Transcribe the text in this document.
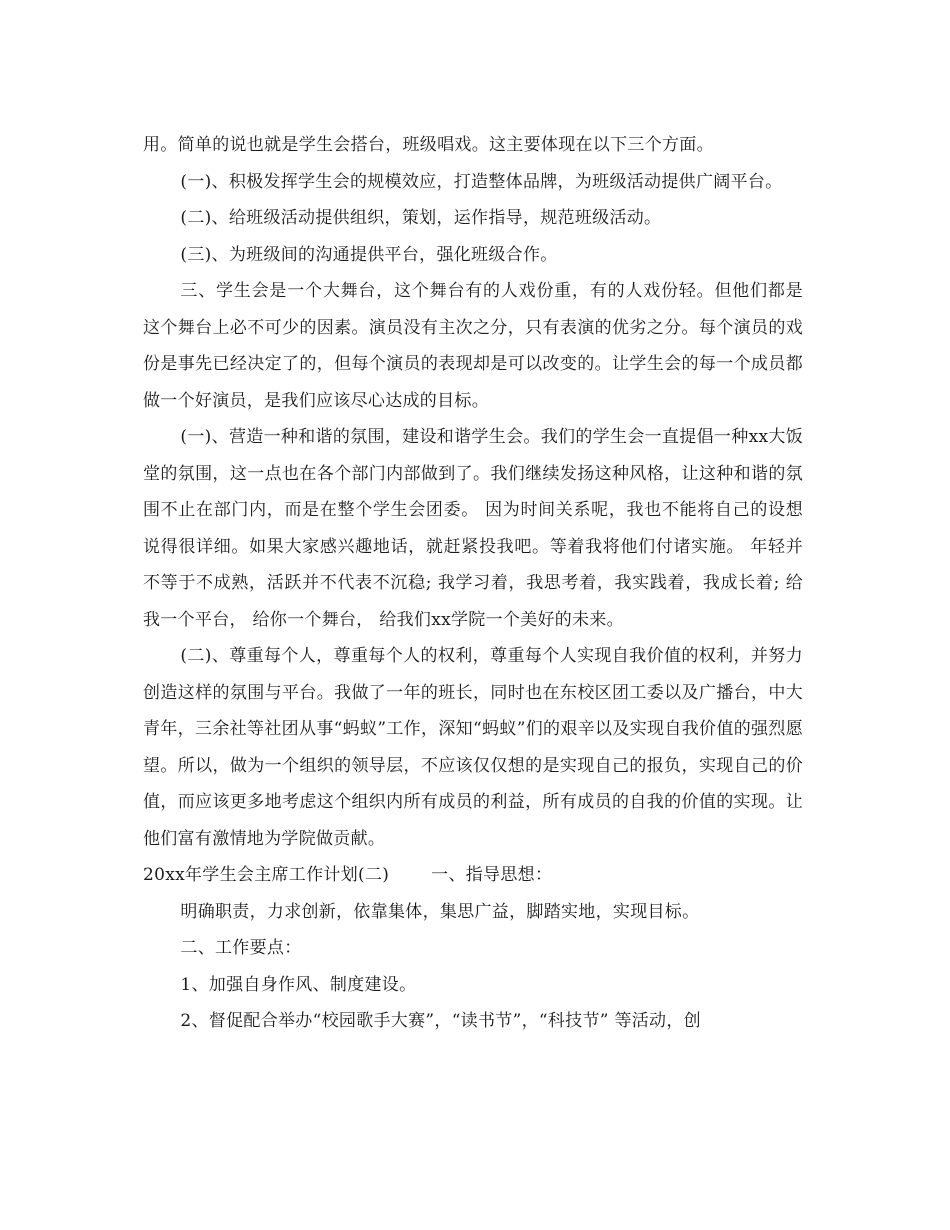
用。简单的说也就是学生会搭台，班级唱戏。这主要体现在以下三个方面。

(一)、积极发挥学生会的规模效应，打造整体品牌，为班级活动提供广阔平台。

(二)、给班级活动提供组织，策划，运作指导，规范班级活动。

(三)、为班级间的沟通提供平台，强化班级合作。

三、学生会是一个大舞台，这个舞台有的人戏份重，有的人戏份轻。但他们都是这个舞台上必不可少的因素。演员没有主次之分，只有表演的优劣之分。每个演员的戏份是事先已经决定了的，但每个演员的表现却是可以改变的。让学生会的每一个成员都做一个好演员，是我们应该尽心达成的目标。

(一)、营造一种和谐的氛围，建设和谐学生会。我们的学生会一直提倡一种xx大饭堂的氛围，这一点也在各个部门内部做到了。我们继续发扬这种风格，让这种和谐的氛围不止在部门内，而是在整个学生会团委。 因为时间关系呢，我也不能将自己的设想说得很详细。如果大家感兴趣地话，就赶紧投我吧。等着我将他们付诸实施。 年轻并不等于不成熟，活跃并不代表不沉稳; 我学习着，我思考着，我实践着，我成长着; 给我一个平台， 给你一个舞台， 给我们xx学院一个美好的未来。

(二)、尊重每个人，尊重每个人的权利，尊重每个人实现自我价值的权利，并努力创造这样的氛围与平台。我做了一年的班长，同时也在东校区团工委以及广播台，中大青年，三余社等社团从事“蚂蚁”工作，深知“蚂蚁”们的艰辛以及实现自我价值的强烈愿望。所以，做为一个组织的领导层，不应该仅仅想的是实现自己的报负，实现自己的价值，而应该更多地考虑这个组织内所有成员的利益，所有成员的自我的价值的实现。让他们富有激情地为学院做贡献。

20xx年学生会主席工作计划(二) 一、指导思想：

明确职责，力求创新，依靠集体，集思广益，脚踏实地，实现目标。

二、工作要点：

1、加强自身作风、制度建设。

2、督促配合举办“校园歌手大赛”，“读书节”，“科技节” 等活动，创
